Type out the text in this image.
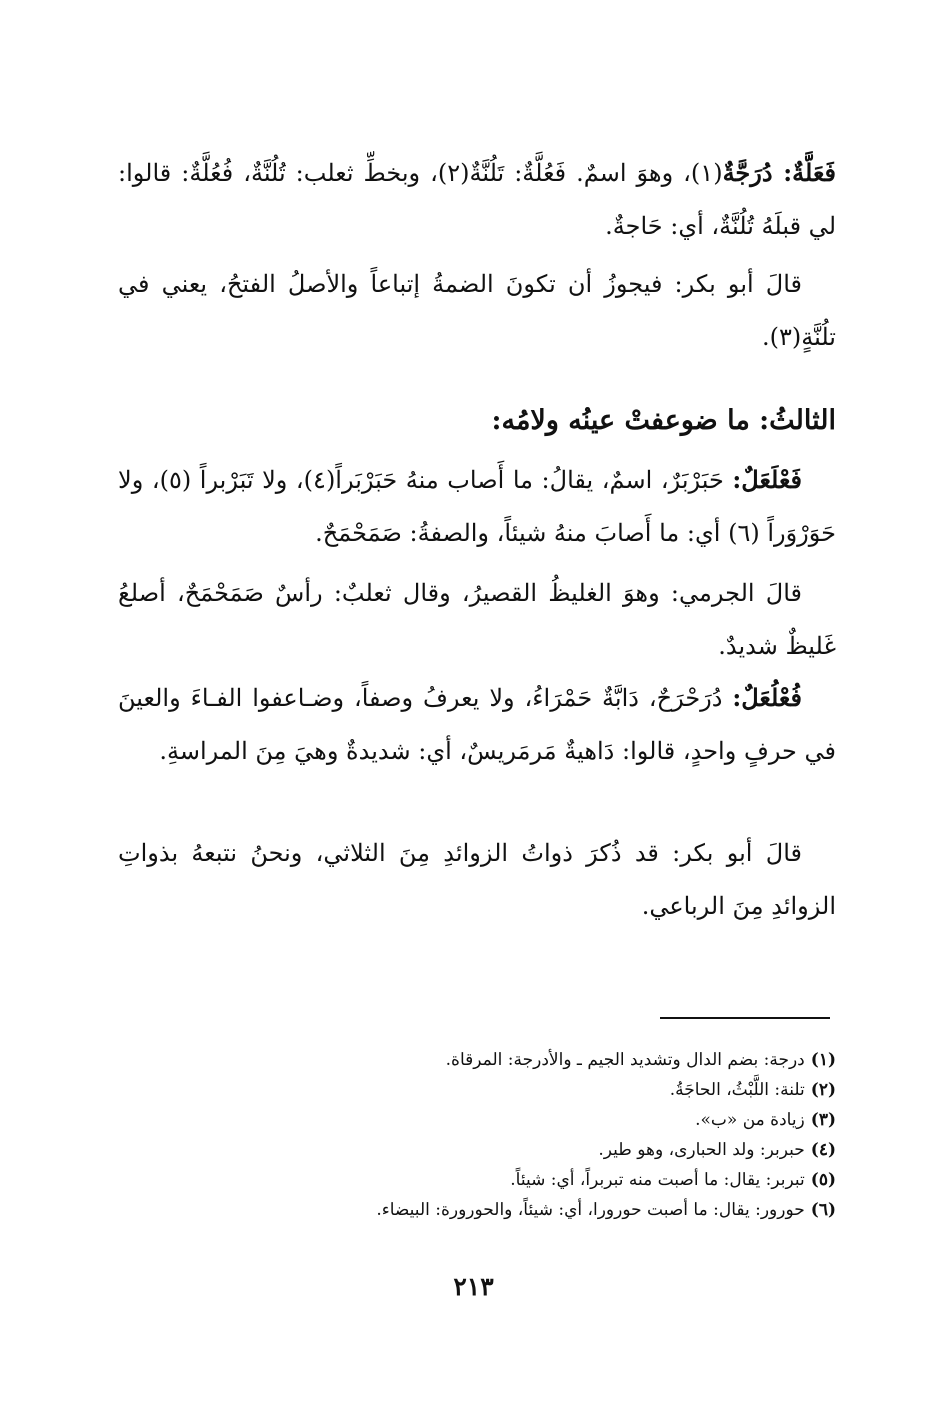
فَعَلَّةٌ: دُرَجَّةٌ(١)، وهوَ اسمٌ. فَعُلَّةٌ: تَلُنَّةٌ(٢)، وبخطِّ ثعلب: تُلُنَّةٌ، فُعُلَّةٌ: قالوا: لي قبلَهُ تُلُنَّةٌ، أي: حَاجةٌ.
قالَ أبو بكر: فيجوزُ أن تكونَ الضمةُ إتباعاً والأصلُ الفتحُ، يعني في تلُنَّةٍ(٣).
الثالثُ: ما ضوعفتْ عينُه ولامُه:
فَعْلَعَلٌ: حَبَرْبَرٌ، اسمٌ، يقالُ: ما أَصاب منهُ حَبَرْبَراً(٤)، ولا تَبَرْبراً (٥)، ولا حَوَرْوَراً (٦) أي: ما أَصابَ منهُ شيئاً، والصفةُ: صَمَحْمَحٌ.
قالَ الجرمي: وهوَ الغليظُ القصيرُ، وقال ثعلبٌ: رأسٌ صَمَحْمَحٌ، أصلعُ غَليظٌ شديدٌ.
فُعْلُعَلٌ: دُرَحْرَحٌ، دَابَّةٌ حَمْرَاءُ، ولا يعرفُ وصفاً، وضـاعفوا الفـاءَ والعينَ في حرفٍ واحدٍ، قالوا: دَاهيةٌ مَرمَريسٌ، أي: شديدةٌ وهيَ مِنَ المراسةِ.
قالَ أبو بكر: قد ذُكرَ ذواتُ الزوائدِ مِنَ الثلاثي، ونحنُ نتبعهُ بذواتِ الزوائدِ مِنَ الرباعي.
(١)درجة: بضم الدال وتشديد الجيم ـ والأدرجة: المرقاة.
(٢)تلنة: اللَّبْثُ، الحاجَةُ.
(٣)زيادة من «ب».
(٤)حبربر: ولد الحبارى، وهو طير.
(٥)تبربر: يقال: ما أصبت منه تبربراً، أي: شيئاً.
(٦)حورور: يقال: ما أصبت حورورا، أي: شيئاً، والحورورة: البيضاء.
٢١٣
